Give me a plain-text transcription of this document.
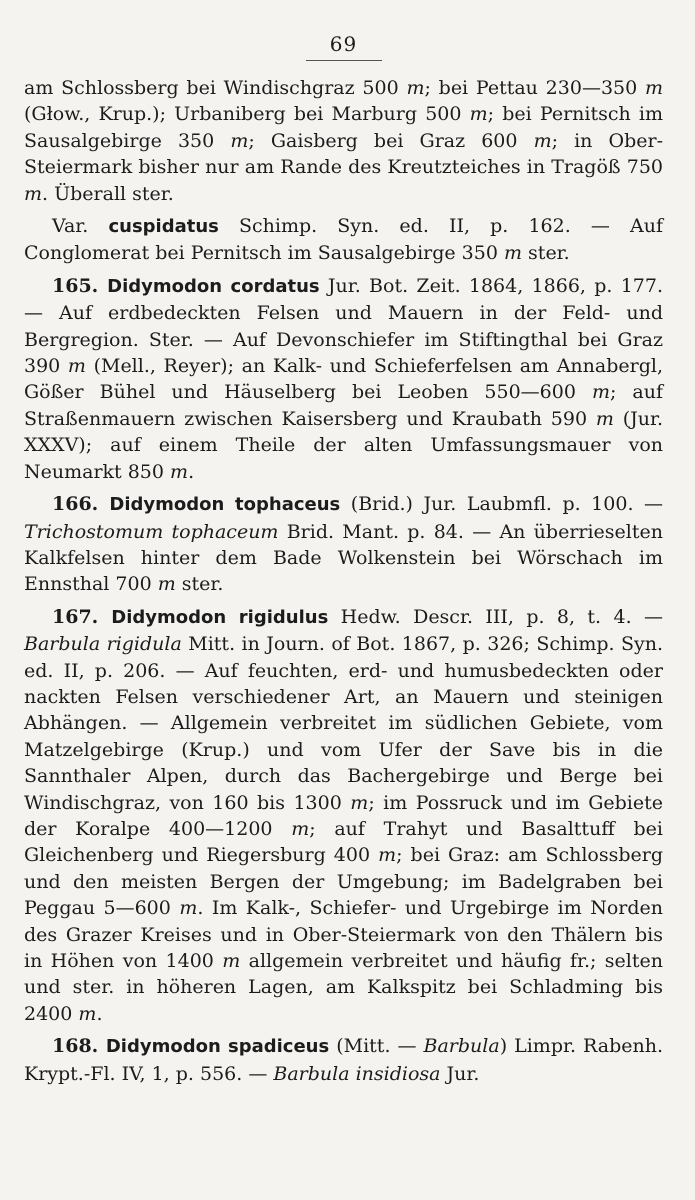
69

am Schlossberg bei Windischgraz 500 m; bei Pettau 230—350 m (Głow., Krup.); Urbaniberg bei Marburg 500 m; bei Pernitsch im Sausalgebirge 350 m; Gaisberg bei Graz 600 m; in Ober-Steiermark bisher nur am Rande des Kreutzteiches in Tragöß 750 m. Überall ster.

Var. cuspidatus Schimp. Syn. ed. II, p. 162. — Auf Conglomerat bei Pernitsch im Sausalgebirge 350 m ster.

165. Didymodon cordatus Jur. Bot. Zeit. 1864, 1866, p. 177. — Auf erdbedeckten Felsen und Mauern in der Feld- und Bergregion. Ster. — Auf Devonschiefer im Stiftingthal bei Graz 390 m (Mell., Reyer); an Kalk- und Schieferfelsen am Annabergl, Gößer Bühel und Häuselberg bei Leoben 550—600 m; auf Straßenmauern zwischen Kaisersberg und Kraubath 590 m (Jur. XXXV); auf einem Theile der alten Umfassungsmauer von Neumarkt 850 m.

166. Didymodon tophaceus (Brid.) Jur. Laubmfl. p. 100. — Trichostomum tophaceum Brid. Mant. p. 84. — An überrieselten Kalkfelsen hinter dem Bade Wolkenstein bei Wörschach im Ennsthal 700 m ster.

167. Didymodon rigidulus Hedw. Descr. III, p. 8, t. 4. — Barbula rigidula Mitt. in Journ. of Bot. 1867, p. 326; Schimp. Syn. ed. II, p. 206. — Auf feuchten, erd- und humusbedeckten oder nackten Felsen verschiedener Art, an Mauern und steinigen Abhängen. — Allgemein verbreitet im südlichen Gebiete, vom Matzelgebirge (Krup.) und vom Ufer der Save bis in die Sannthaler Alpen, durch das Bachergebirge und Berge bei Windischgraz, von 160 bis 1300 m; im Possruck und im Gebiete der Koralpe 400—1200 m; auf Trahyt und Basalttuff bei Gleichenberg und Riegersburg 400 m; bei Graz: am Schlossberg und den meisten Bergen der Umgebung; im Badelgraben bei Peggau 5—600 m. Im Kalk-, Schiefer- und Urgebirge im Norden des Grazer Kreises und in Ober-Steiermark von den Thälern bis in Höhen von 1400 m allgemein verbreitet und häufig fr.; selten und ster. in höheren Lagen, am Kalkspitz bei Schladming bis 2400 m.

168. Didymodon spadiceus (Mitt. — Barbula) Limpr. Rabenh. Krypt.-Fl. IV, 1, p. 556. — Barbula insidiosa Jur.
